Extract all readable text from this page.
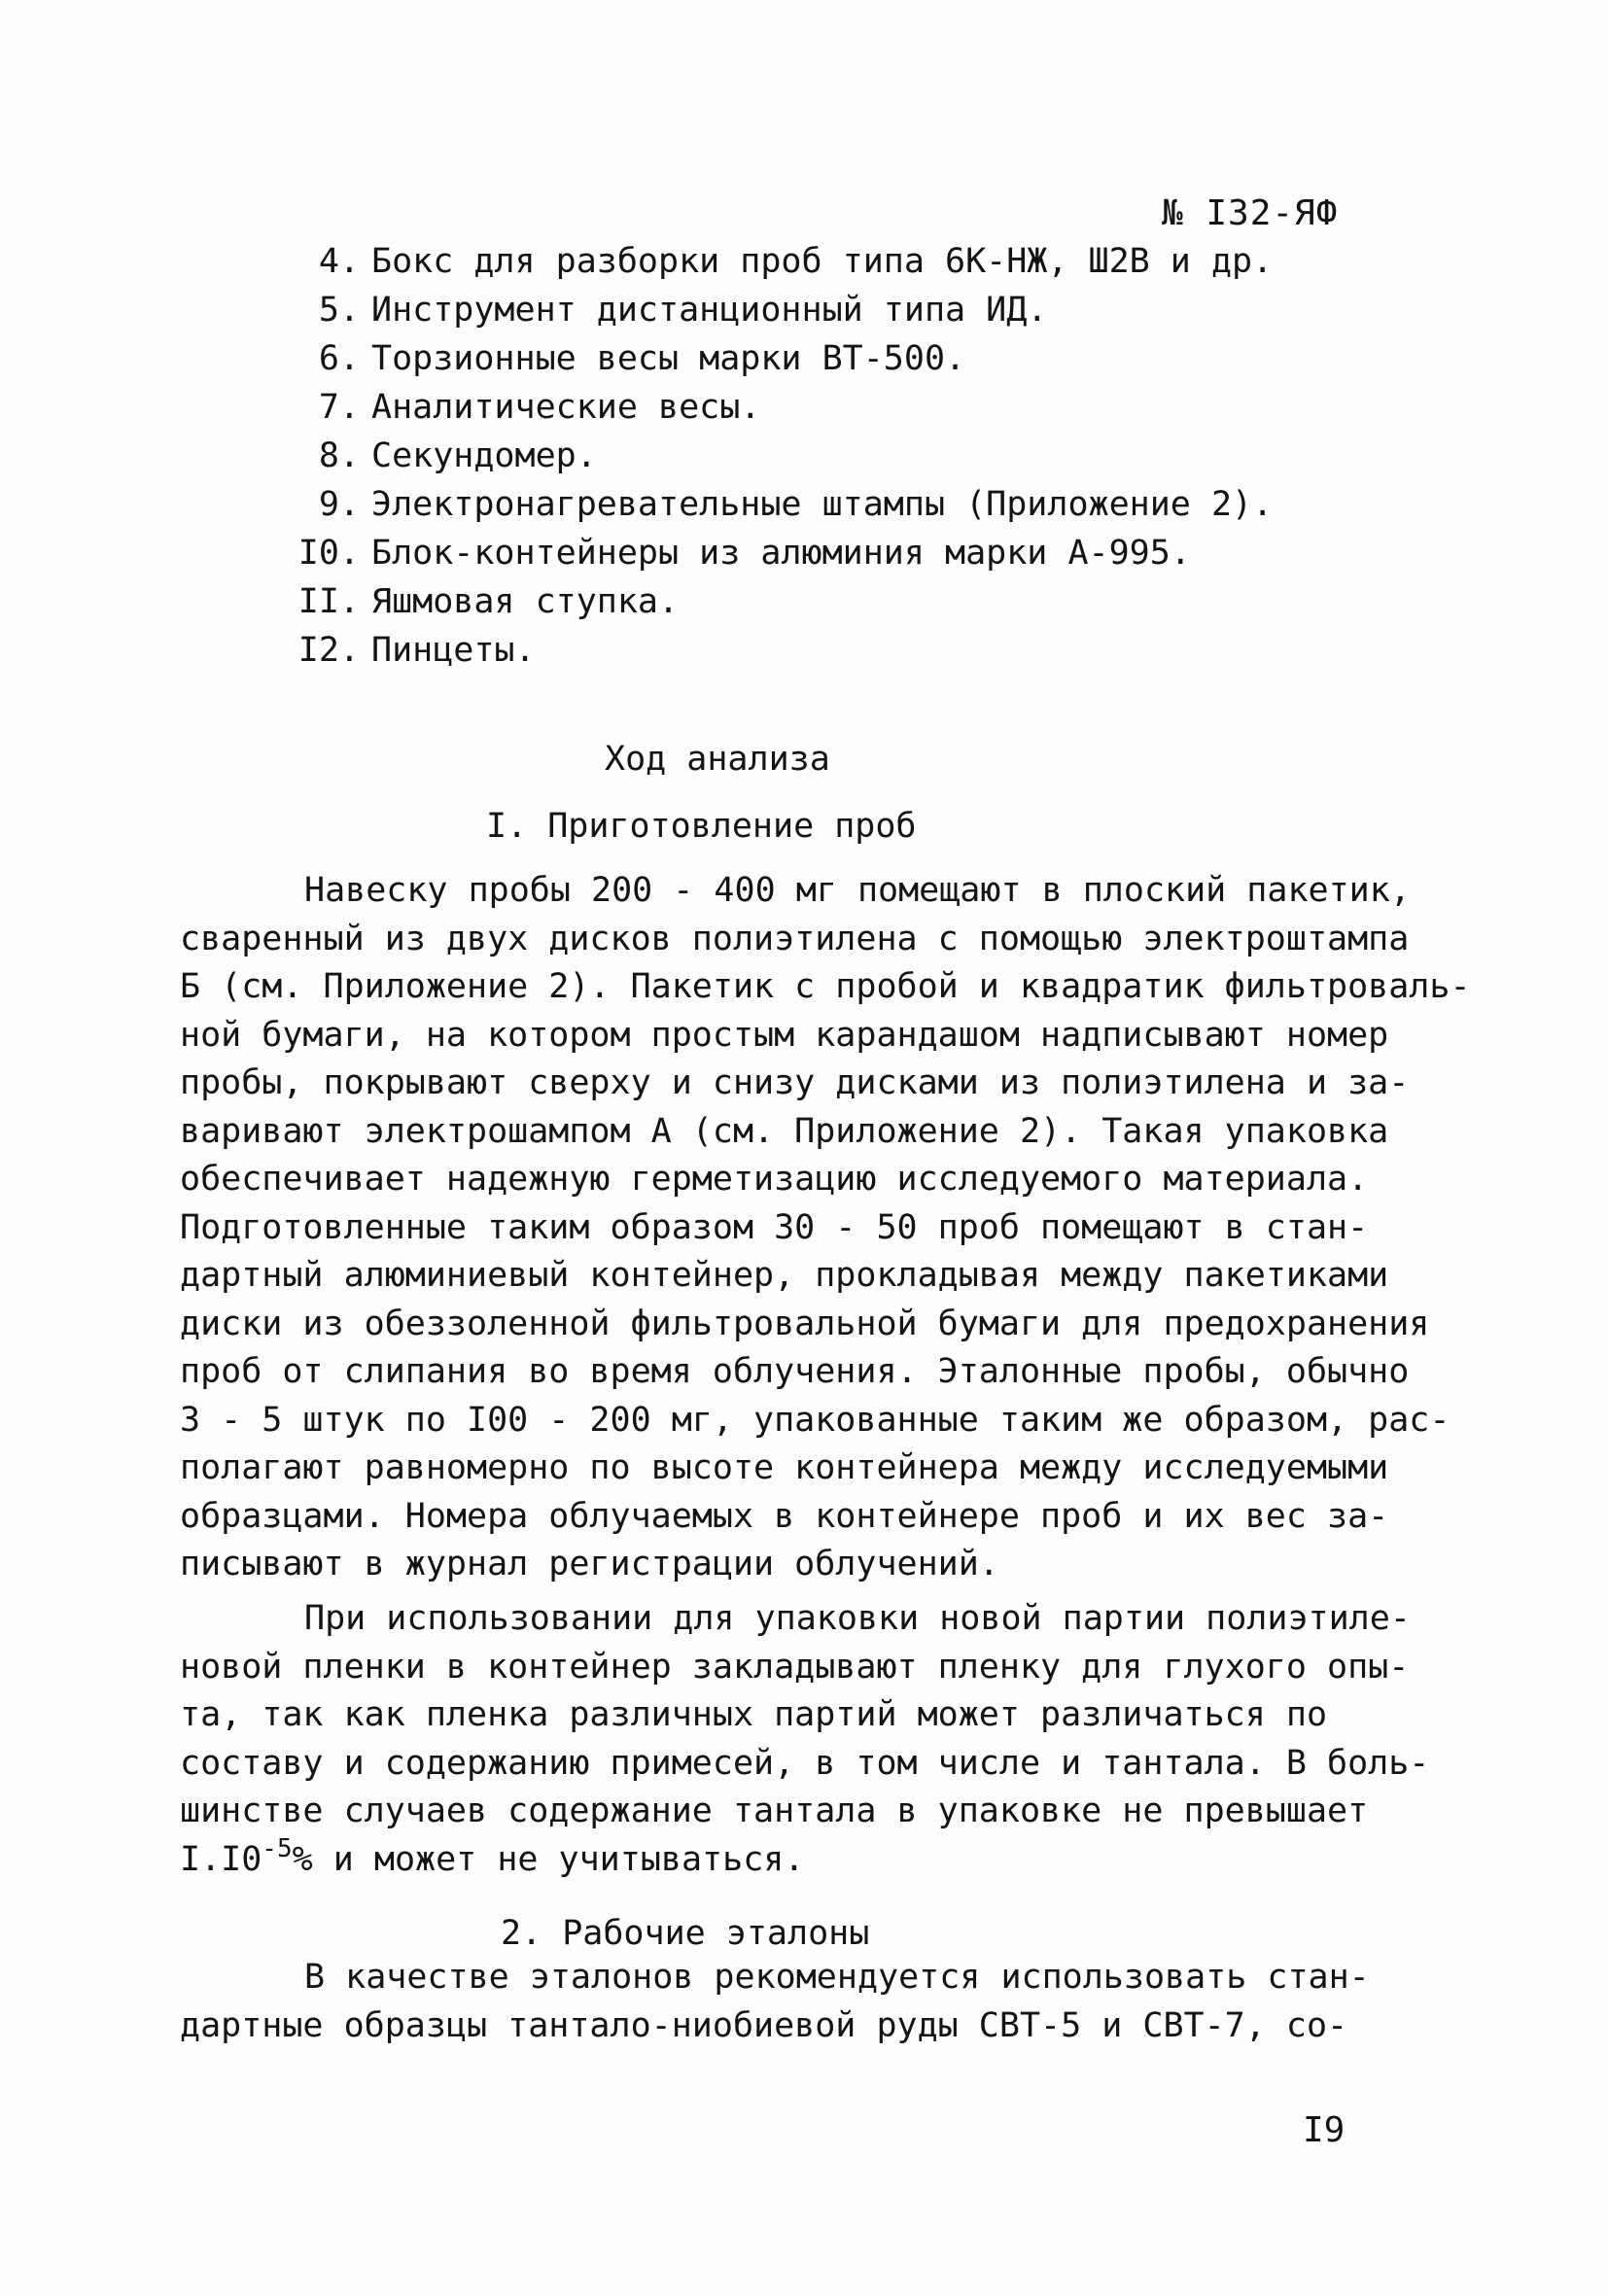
№ I32-ЯФ
4. Бокс для разборки проб типа 6К-НЖ, Ш2В и др.
5. Инструмент дистанционный типа ИД.
6. Торзионные весы марки ВТ-500.
7. Аналитические весы.
8. Секундомер.
9. Электронагревательные штампы (Приложение 2).
I0. Блок-контейнеры из алюминия марки А-995.
II. Яшмовая ступка.
I2. Пинцеты.
Ход анализа
I. Приготовление проб
Навеску пробы 200 - 400 мг помещают в плоский пакетик,
сваренный из двух дисков полиэтилена с помощью электроштампа
Б (см. Приложение 2). Пакетик с пробой и квадратик фильтроваль-
ной бумаги, на котором простым карандашом надписывают номер
пробы, покрывают сверху и снизу дисками из полиэтилена и за-
варивают электрошампом А (см. Приложение 2). Такая упаковка
обеспечивает надежную герметизацию исследуемого материала.
Подготовленные таким образом 30 - 50 проб помещают в стан-
дартный алюминиевый контейнер, прокладывая между пакетиками
диски из обеззоленной фильтровальной бумаги для предохранения
проб от слипания во время облучения. Эталонные пробы, обычно
3 - 5 штук по I00 - 200 мг, упакованные таким же образом, рас-
полагают равномерно по высоте контейнера между исследуемыми
образцами. Номера облучаемых в контейнере проб и их вес за-
писывают в журнал регистрации облучений.
При использовании для упаковки новой партии полиэтиле-
новой пленки в контейнер закладывают пленку для глухого опы-
та, так как пленка различных партий может различаться по
составу и содержанию примесей, в том числе и тантала. В боль-
шинстве случаев содержание тантала в упаковке не превышает
$I.I0^{-5}\%$ и может не учитываться.
2. Рабочие эталоны
В качестве эталонов рекомендуется использовать стан-
дартные образцы тантало-ниобиевой руды СВТ-5 и СВТ-7, со-
I9
